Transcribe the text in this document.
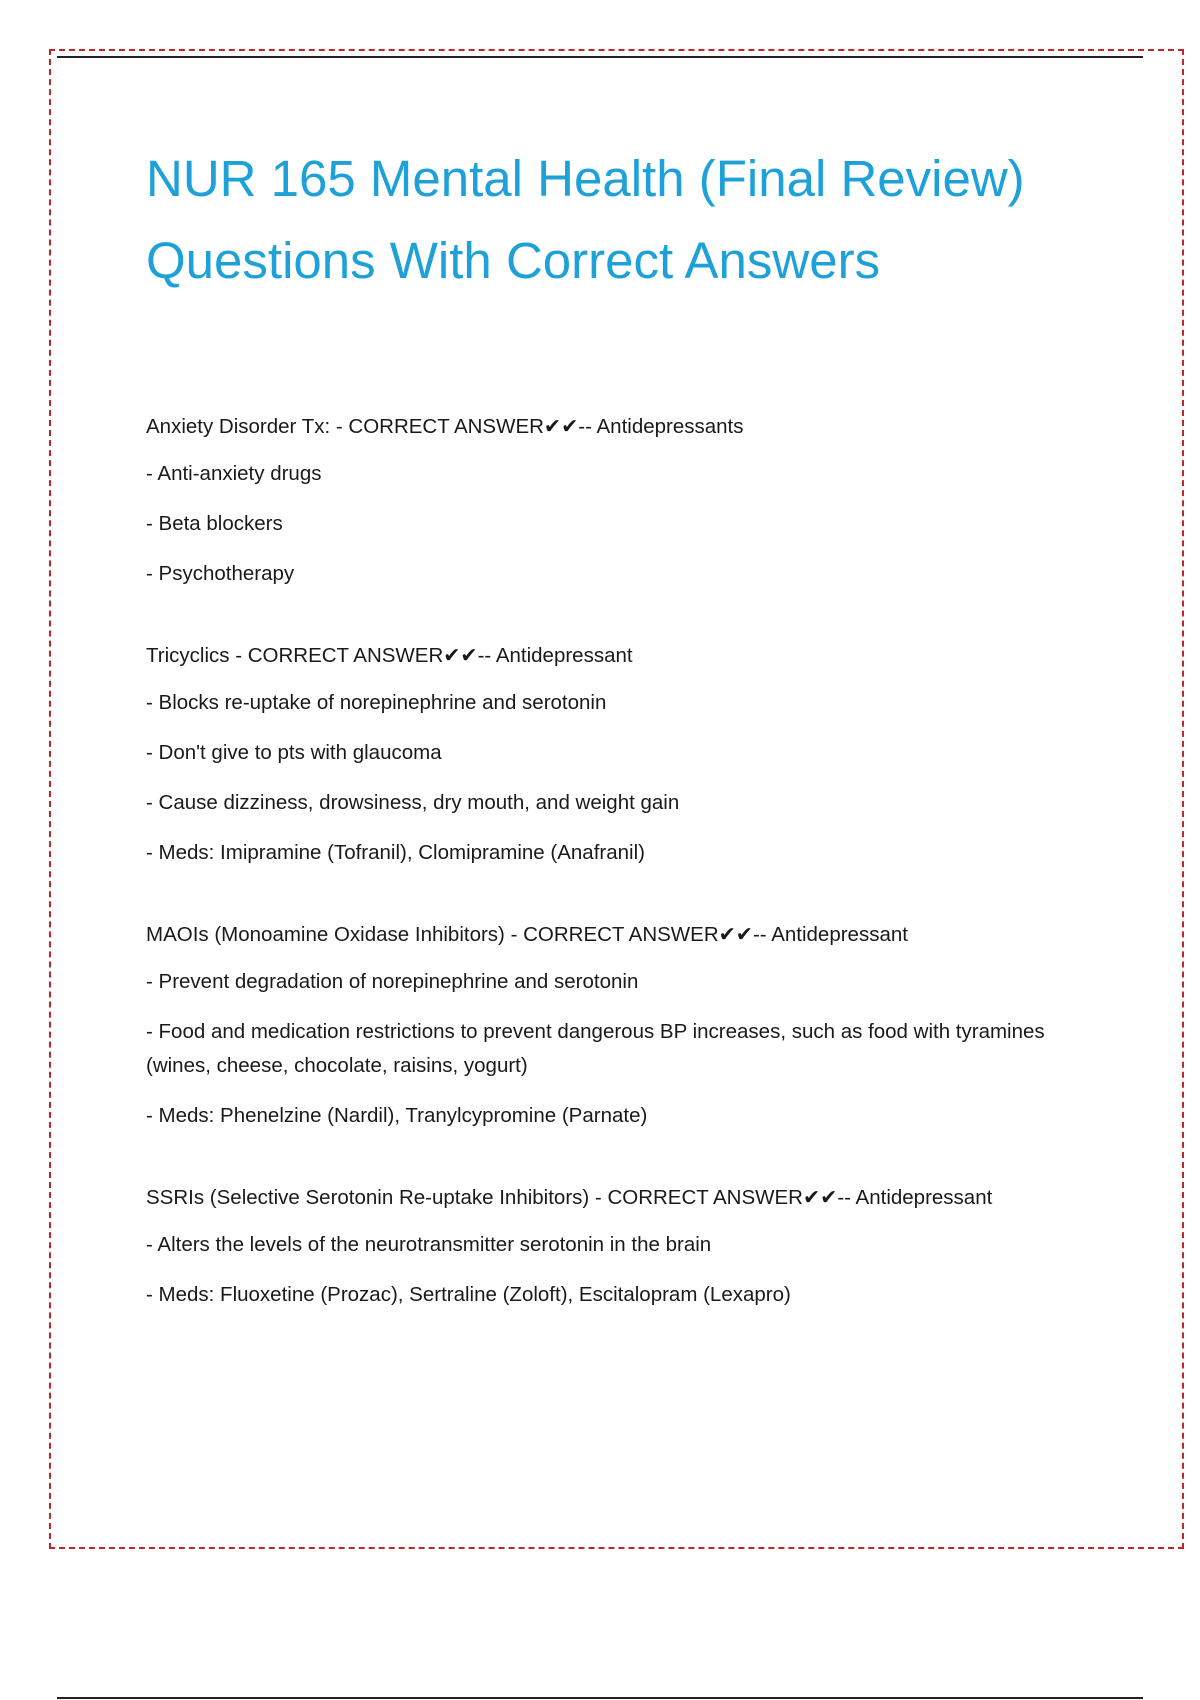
NUR 165 Mental Health (Final Review)
Questions With Correct Answers
Anxiety Disorder Tx: - CORRECT ANSWER✔✔-- Antidepressants
- Anti-anxiety drugs
- Beta blockers
- Psychotherapy
Tricyclics - CORRECT ANSWER✔✔-- Antidepressant
- Blocks re-uptake of norepinephrine and serotonin
- Don't give to pts with glaucoma
- Cause dizziness, drowsiness, dry mouth, and weight gain
- Meds: Imipramine (Tofranil), Clomipramine (Anafranil)
MAOIs (Monoamine Oxidase Inhibitors) - CORRECT ANSWER✔✔-- Antidepressant
- Prevent degradation of norepinephrine and serotonin
- Food and medication restrictions to prevent dangerous BP increases, such as food with tyramines (wines, cheese, chocolate, raisins, yogurt)
- Meds: Phenelzine (Nardil), Tranylcypromine (Parnate)
SSRIs (Selective Serotonin Re-uptake Inhibitors) - CORRECT ANSWER✔✔-- Antidepressant
- Alters the levels of the neurotransmitter serotonin in the brain
- Meds: Fluoxetine (Prozac), Sertraline (Zoloft), Escitalopram (Lexapro)
